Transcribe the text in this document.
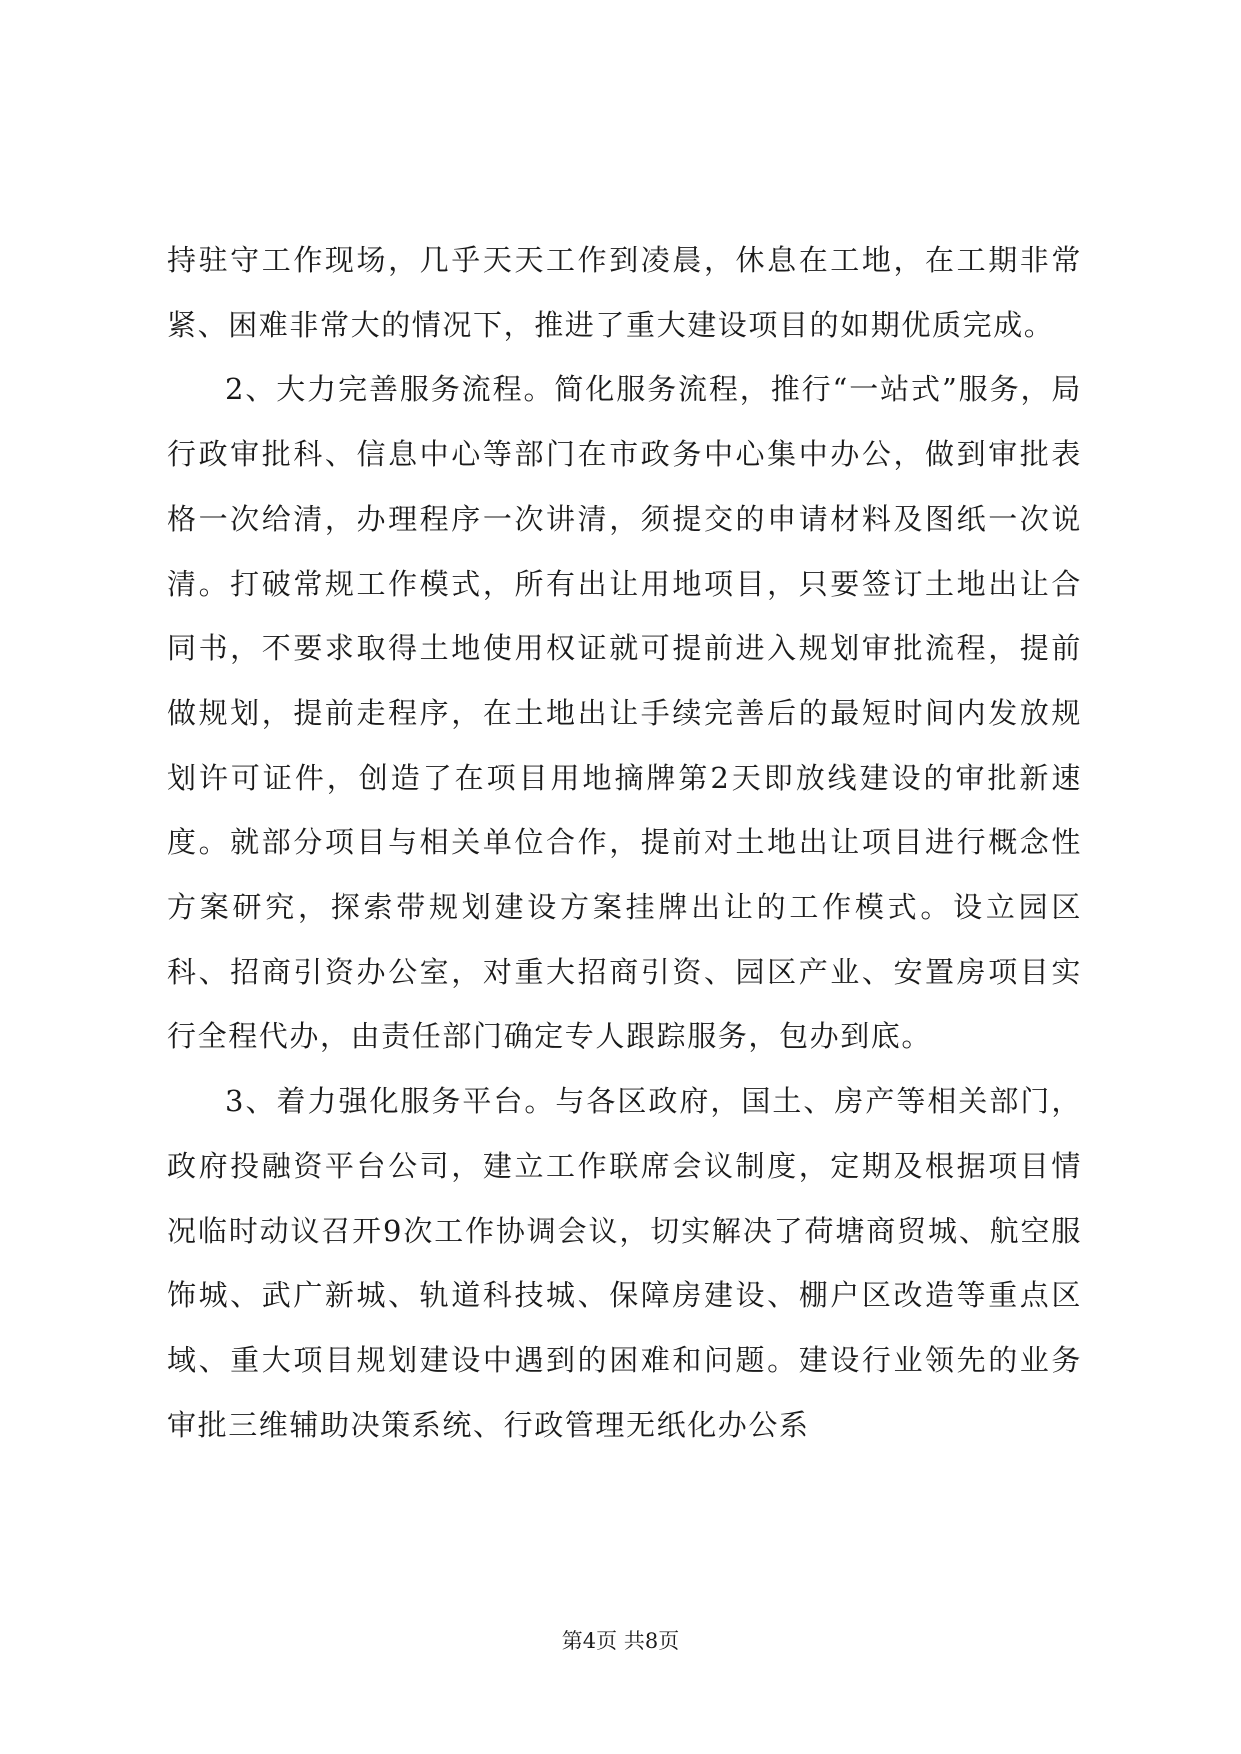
持驻守工作现场，几乎天天工作到凌晨，休息在工地，在工期非常紧、困难非常大的情况下，推进了重大建设项目的如期优质完成。

2、大力完善服务流程。简化服务流程，推行“一站式”服务，局行政审批科、信息中心等部门在市政务中心集中办公，做到审批表格一次给清，办理程序一次讲清，须提交的申请材料及图纸一次说清。打破常规工作模式，所有出让用地项目，只要签订土地出让合同书，不要求取得土地使用权证就可提前进入规划审批流程，提前做规划，提前走程序，在土地出让手续完善后的最短时间内发放规划许可证件，创造了在项目用地摘牌第2天即放线建设的审批新速度。就部分项目与相关单位合作，提前对土地出让项目进行概念性方案研究，探索带规划建设方案挂牌出让的工作模式。设立园区科、招商引资办公室，对重大招商引资、园区产业、安置房项目实行全程代办，由责任部门确定专人跟踪服务，包办到底。

3、着力强化服务平台。与各区政府，国土、房产等相关部门，政府投融资平台公司，建立工作联席会议制度，定期及根据项目情况临时动议召开9次工作协调会议，切实解决了荷塘商贸城、航空服饰城、武广新城、轨道科技城、保障房建设、棚户区改造等重点区域、重大项目规划建设中遇到的困难和问题。建设行业领先的业务审批三维辅助决策系统、行政管理无纸化办公系

第4页 共8页
